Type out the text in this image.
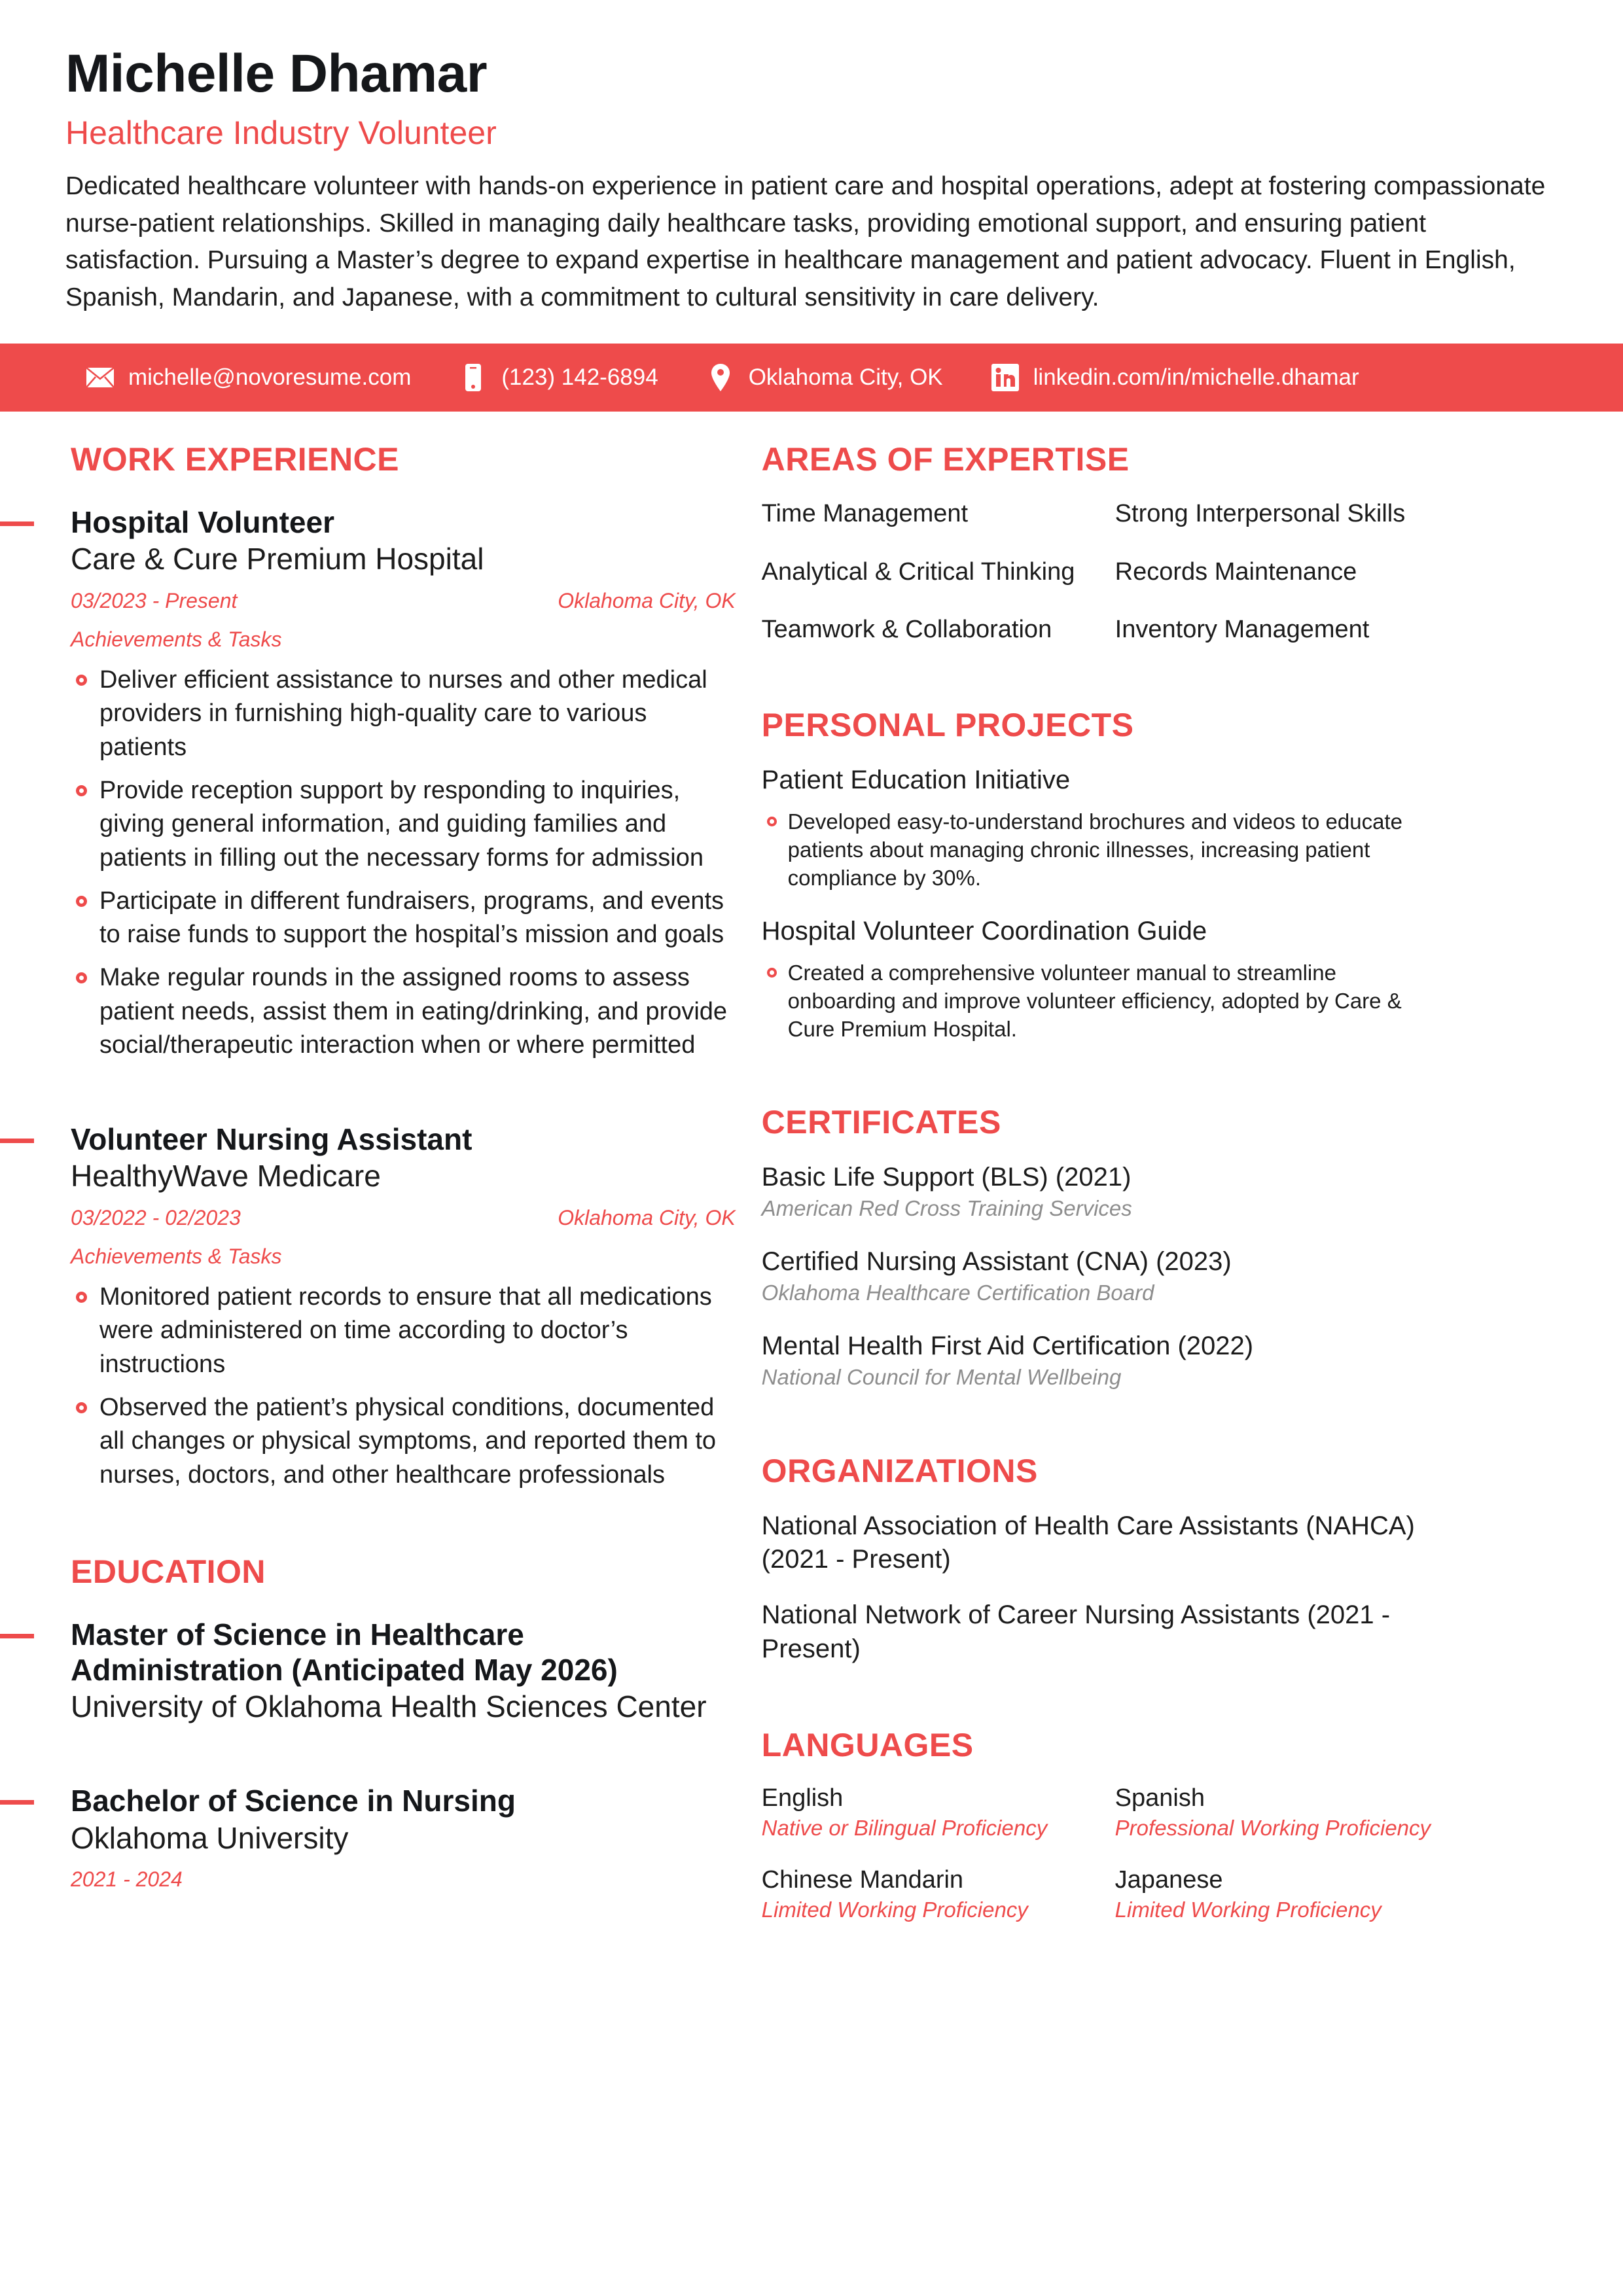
Michelle Dhamar
Healthcare Industry Volunteer
Dedicated healthcare volunteer with hands-on experience in patient care and hospital operations, adept at fostering compassionate nurse-patient relationships. Skilled in managing daily healthcare tasks, providing emotional support, and ensuring patient satisfaction. Pursuing a Master’s degree to expand expertise in healthcare management and patient advocacy. Fluent in English, Spanish, Mandarin, and Japanese, with a commitment to cultural sensitivity in care delivery.
michelle@novoresume.com	(123) 142-6894	Oklahoma City, OK	linkedin.com/in/michelle.dhamar
WORK EXPERIENCE
Hospital Volunteer
Care & Cure Premium Hospital
03/2023 - Present	Oklahoma City, OK
Achievements & Tasks
Deliver efficient assistance to nurses and other medical providers in furnishing high-quality care to various patients
Provide reception support by responding to inquiries, giving general information, and guiding families and patients in filling out the necessary forms for admission
Participate in different fundraisers, programs, and events to raise funds to support the hospital’s mission and goals
Make regular rounds in the assigned rooms to assess patient needs, assist them in eating/drinking, and provide social/therapeutic interaction when or where permitted
Volunteer Nursing Assistant
HealthyWave Medicare
03/2022 - 02/2023	Oklahoma City, OK
Achievements & Tasks
Monitored patient records to ensure that all medications were administered on time according to doctor’s instructions
Observed the patient’s physical conditions, documented all changes or physical symptoms, and reported them to nurses, doctors, and other healthcare professionals
EDUCATION
Master of Science in Healthcare Administration (Anticipated May 2026)
University of Oklahoma Health Sciences Center
Bachelor of Science in Nursing
Oklahoma University
2021 - 2024
AREAS OF EXPERTISE
Time Management	Strong Interpersonal Skills
Analytical & Critical Thinking	Records Maintenance
Teamwork & Collaboration	Inventory Management
PERSONAL PROJECTS
Patient Education Initiative
Developed easy-to-understand brochures and videos to educate patients about managing chronic illnesses, increasing patient compliance by 30%.
Hospital Volunteer Coordination Guide
Created a comprehensive volunteer manual to streamline onboarding and improve volunteer efficiency, adopted by Care & Cure Premium Hospital.
CERTIFICATES
Basic Life Support (BLS) (2021)
American Red Cross Training Services
Certified Nursing Assistant (CNA) (2023)
Oklahoma Healthcare Certification Board
Mental Health First Aid Certification (2022)
National Council for Mental Wellbeing
ORGANIZATIONS
National Association of Health Care Assistants (NAHCA) (2021 - Present)
National Network of Career Nursing Assistants (2021 - Present)
LANGUAGES
English
Native or Bilingual Proficiency
Spanish
Professional Working Proficiency
Chinese Mandarin
Limited Working Proficiency
Japanese
Limited Working Proficiency
